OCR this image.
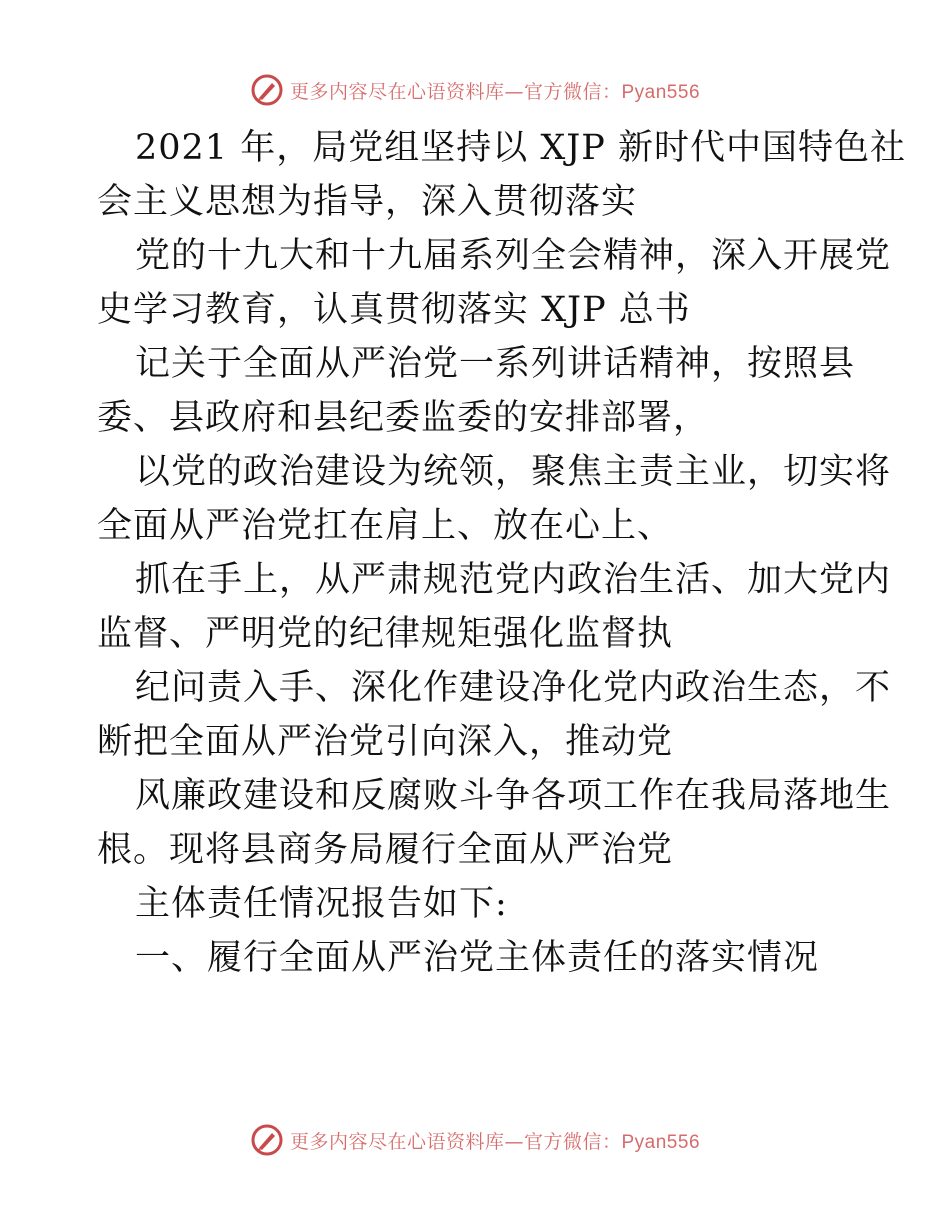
更多内容尽在心语资料库—官方微信：Pyan556
2021 年，局党组坚持以 XJP 新时代中国特色社
会主义思想为指导，深入贯彻落实
党的十九大和十九届系列全会精神，深入开展党
史学习教育，认真贯彻落实 XJP 总书
记关于全面从严治党一系列讲话精神，按照县
委、县政府和县纪委监委的安排部署，
以党的政治建设为统领，聚焦主责主业，切实将
全面从严治党扛在肩上、放在心上、
抓在手上，从严肃规范党内政治生活、加大党内
监督、严明党的纪律规矩强化监督执
纪问责入手、深化作建设净化党内政治生态，不
断把全面从严治党引向深入，推动党
风廉政建设和反腐败斗争各项工作在我局落地生
根。现将县商务局履行全面从严治党
主体责任情况报告如下:
一、履行全面从严治党主体责任的落实情况
更多内容尽在心语资料库—官方微信：Pyan556
